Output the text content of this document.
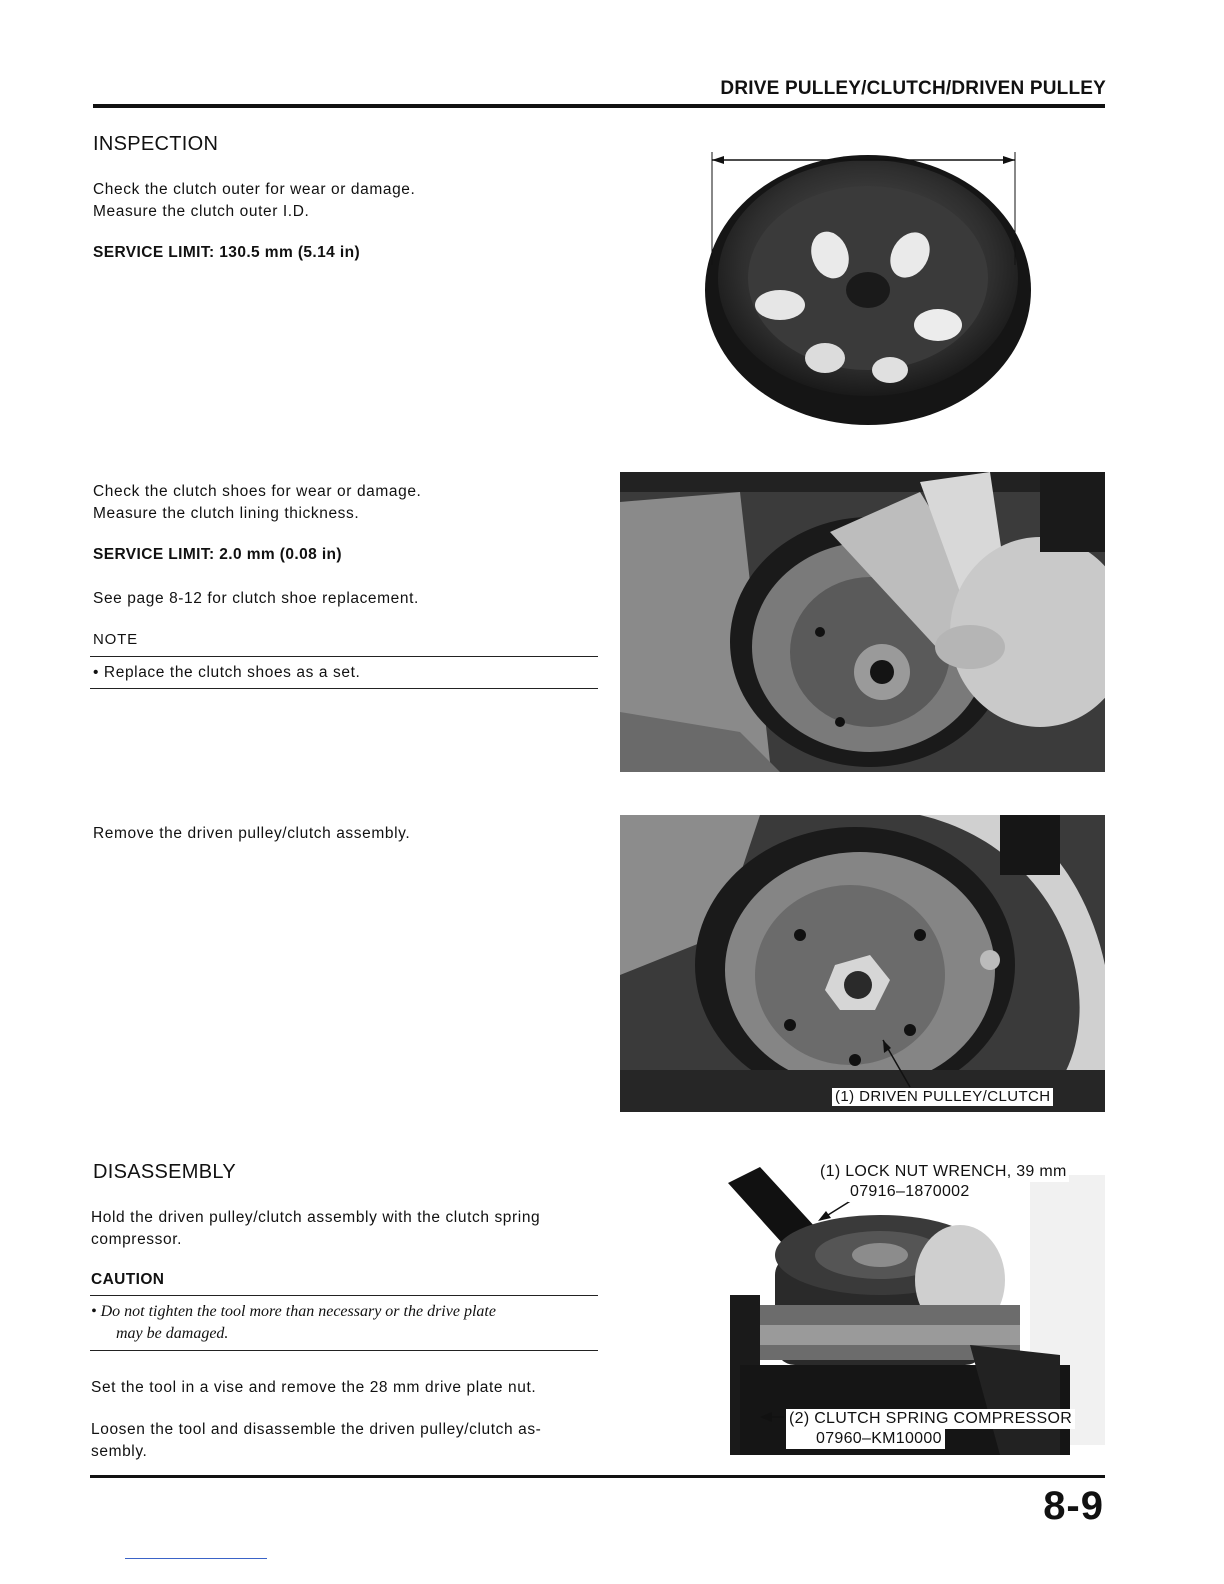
DRIVE PULLEY/CLUTCH/DRIVEN PULLEY
INSPECTION
Check the clutch outer for wear or damage.
Measure the clutch outer I.D.
SERVICE LIMIT: 130.5 mm (5.14 in)
Check the clutch shoes for wear or damage.
Measure the clutch lining thickness.
SERVICE LIMIT: 2.0 mm (0.08 in)
See page 8-12 for clutch shoe replacement.
NOTE
• Replace the clutch shoes as a set.
Remove the driven pulley/clutch assembly.
(1) DRIVEN PULLEY/CLUTCH
DISASSEMBLY
Hold the driven pulley/clutch assembly with the clutch spring
compressor.
CAUTION
• Do not tighten the tool more than necessary or the drive plate
may be damaged.
Set the tool in a vise and remove the 28 mm drive plate nut.
Loosen the tool and disassemble the driven pulley/clutch as-
sembly.
(1) LOCK NUT WRENCH, 39 mm
07916–1870002
(2) CLUTCH SPRING COMPRESSOR
07960–KM10000
8-9
